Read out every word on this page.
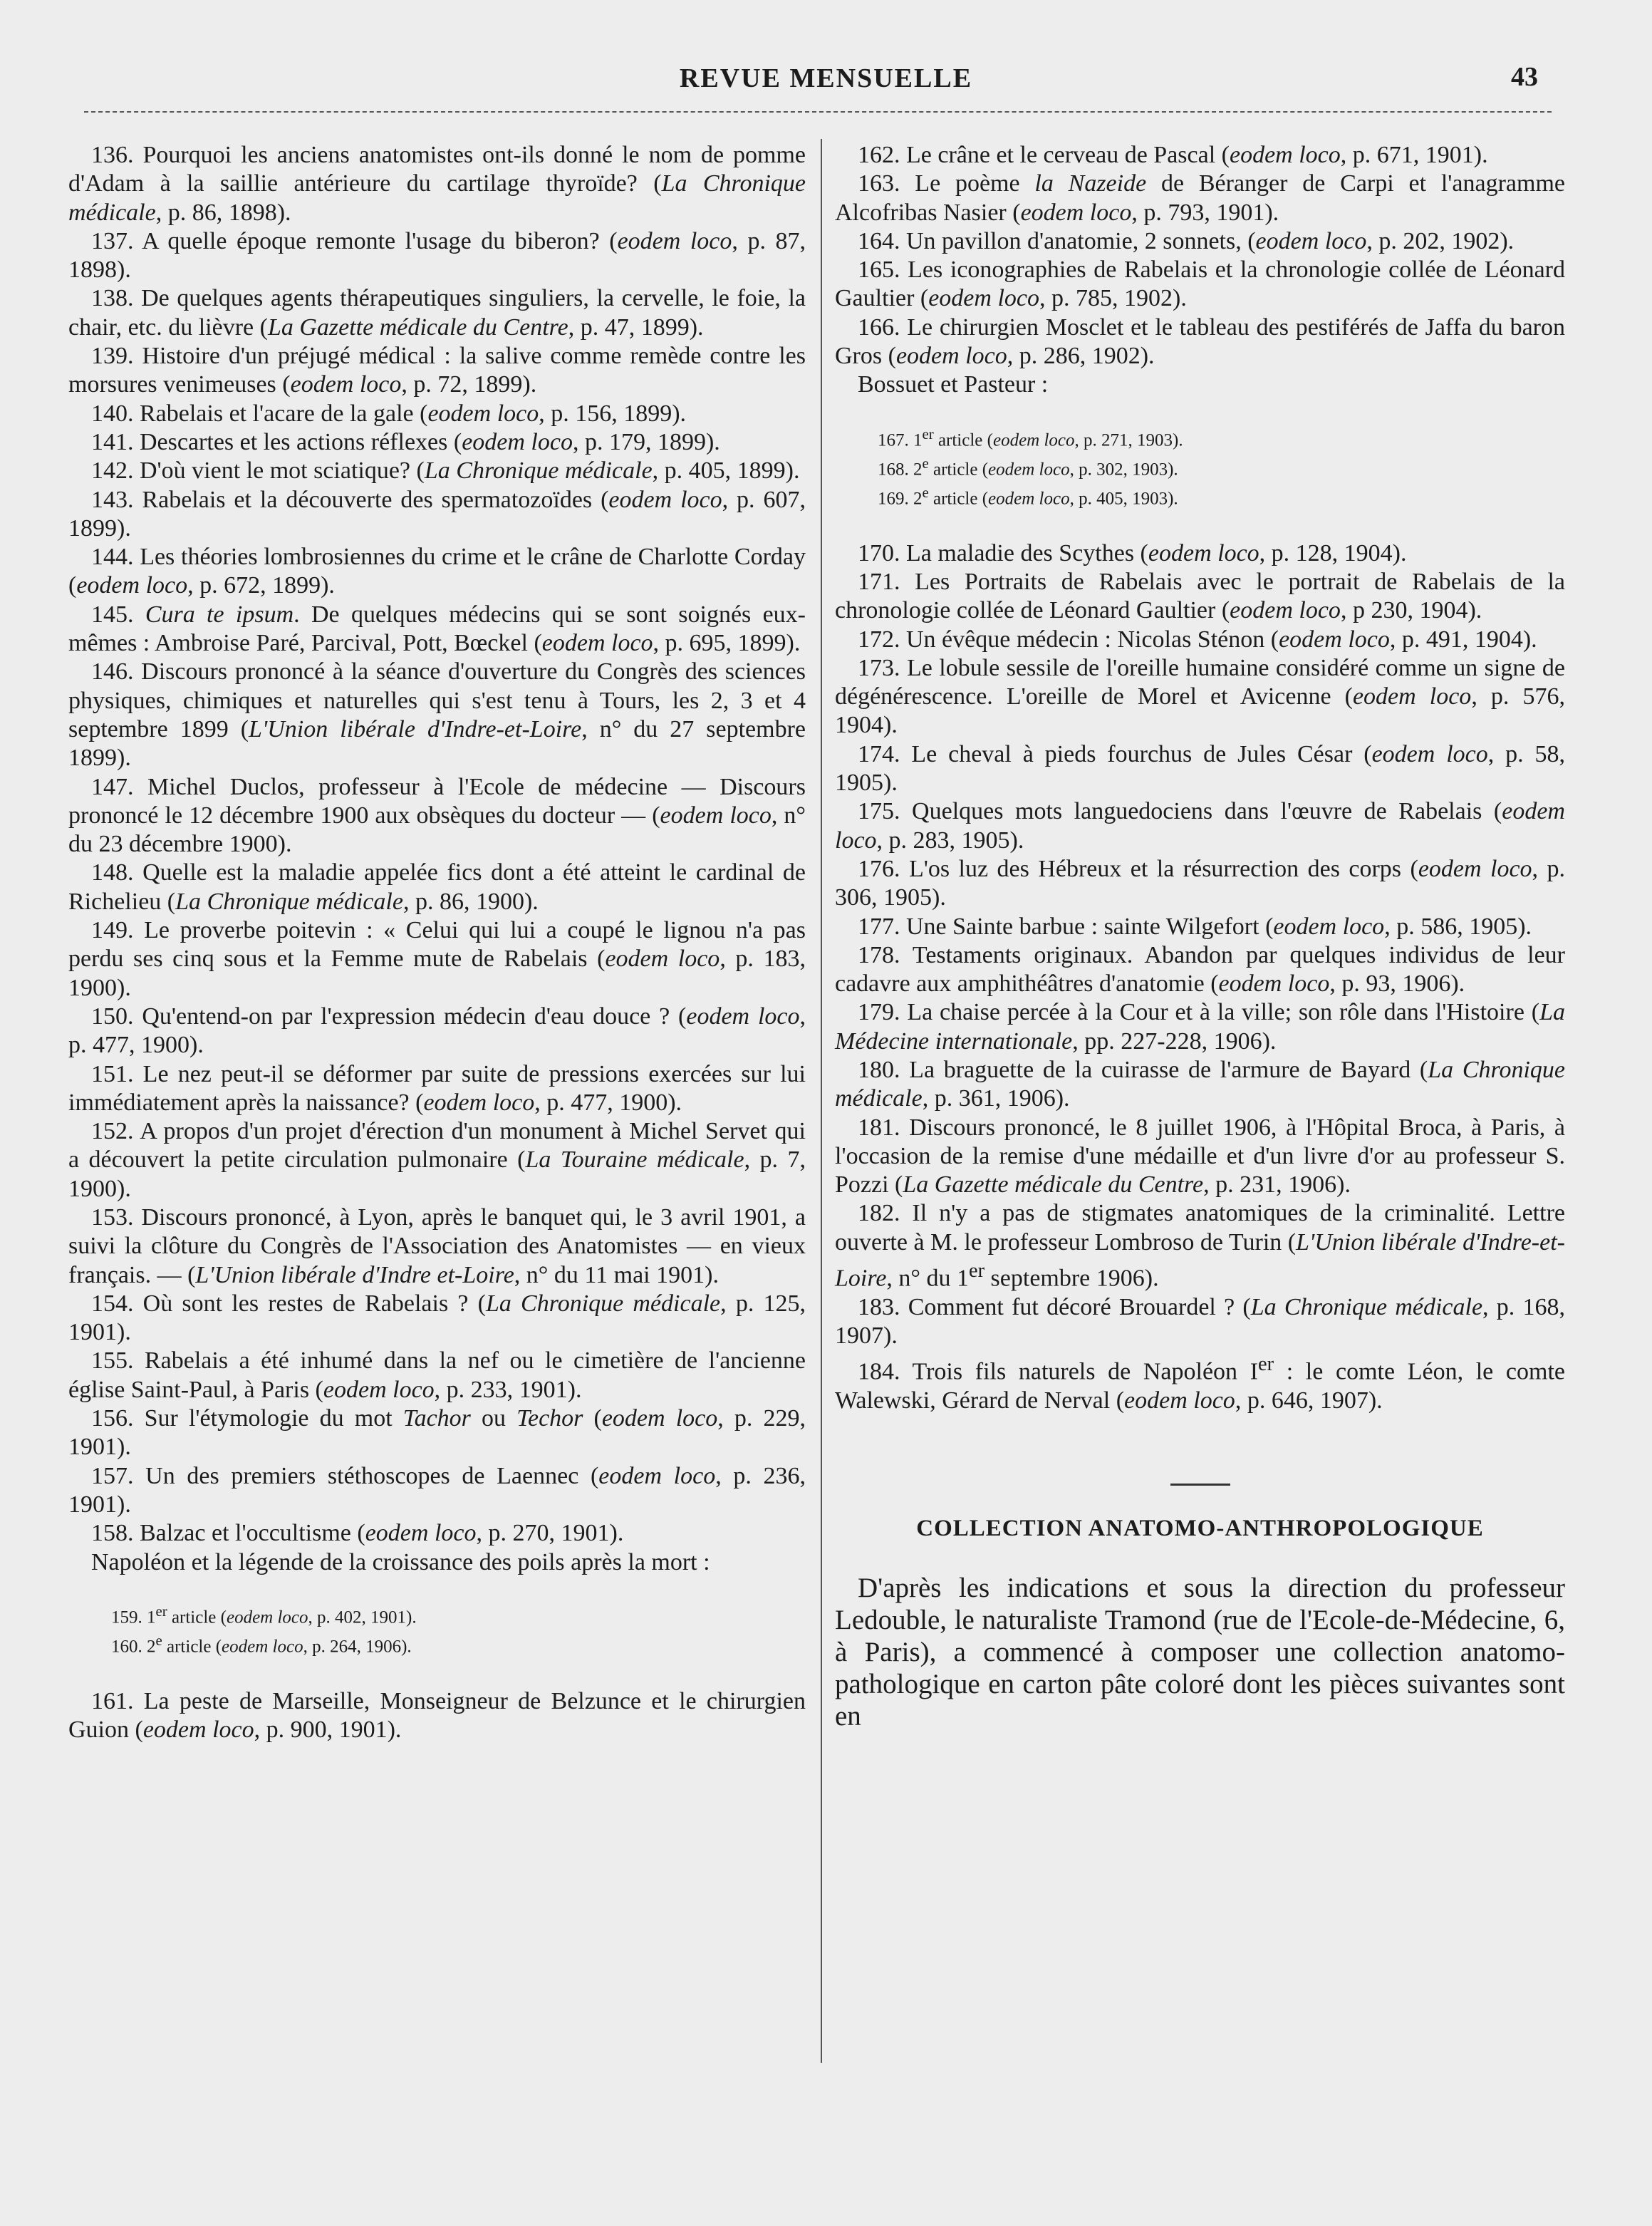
REVUE MENSUELLE	43

136. Pourquoi les anciens anatomistes ont-ils donné le nom de pomme d'Adam à la saillie antérieure du cartilage thyroïde? (La Chronique médicale, p. 86, 1898).

137. A quelle époque remonte l'usage du biberon? (eodem loco, p. 87, 1898).

138. De quelques agents thérapeutiques singuliers, la cervelle, le foie, la chair, etc. du lièvre (La Gazette médicale du Centre, p. 47, 1899).

139. Histoire d'un préjugé médical : la salive comme remède contre les morsures venimeuses (eodem loco, p. 72, 1899).

140. Rabelais et l'acare de la gale (eodem loco, p. 156, 1899).

141. Descartes et les actions réflexes (eodem loco, p. 179, 1899).

142. D'où vient le mot sciatique? (La Chronique médicale, p. 405, 1899).

143. Rabelais et la découverte des spermatozoïdes (eodem loco, p. 607, 1899).

144. Les théories lombrosiennes du crime et le crâne de Charlotte Corday (eodem loco, p. 672, 1899).

145. Cura te ipsum. De quelques médecins qui se sont soignés eux-mêmes : Ambroise Paré, Parcival, Pott, Bœckel (eodem loco, p. 695, 1899).

146. Discours prononcé à la séance d'ouverture du Congrès des sciences physiques, chimiques et naturelles qui s'est tenu à Tours, les 2, 3 et 4 septembre 1899 (L'Union libérale d'Indre-et-Loire, n° du 27 septembre 1899).

147. Michel Duclos, professeur à l'Ecole de médecine — Discours prononcé le 12 décembre 1900 aux obsèques du docteur — (eodem loco, n° du 23 décembre 1900).

148. Quelle est la maladie appelée fics dont a été atteint le cardinal de Richelieu (La Chronique médicale, p. 86, 1900).

149. Le proverbe poitevin : « Celui qui lui a coupé le lignou n'a pas perdu ses cinq sous et la Femme mute de Rabelais (eodem loco, p. 183, 1900).

150. Qu'entend-on par l'expression médecin d'eau douce ? (eodem loco, p. 477, 1900).

151. Le nez peut-il se déformer par suite de pressions exercées sur lui immédiatement après la naissance? (eodem loco, p. 477, 1900).

152. A propos d'un projet d'érection d'un monument à Michel Servet qui a découvert la petite circulation pulmonaire (La Touraine médicale, p. 7, 1900).

153. Discours prononcé, à Lyon, après le banquet qui, le 3 avril 1901, a suivi la clôture du Congrès de l'Association des Anatomistes — en vieux français. — (L'Union libérale d'Indre et-Loire, n° du 11 mai 1901).

154. Où sont les restes de Rabelais ? (La Chronique médicale, p. 125, 1901).

155. Rabelais a été inhumé dans la nef ou le cimetière de l'ancienne église Saint-Paul, à Paris (eodem loco, p. 233, 1901).

156. Sur l'étymologie du mot Tachor ou Techor (eodem loco, p. 229, 1901).

157. Un des premiers stéthoscopes de Laennec (eodem loco, p. 236, 1901).

158. Balzac et l'occultisme (eodem loco, p. 270, 1901).

Napoléon et la légende de la croissance des poils après la mort :

159. 1er article (eodem loco, p. 402, 1901).

160. 2e article (eodem loco, p. 264, 1906).

161. La peste de Marseille, Monseigneur de Belzunce et le chirurgien Guion (eodem loco, p. 900, 1901).

162. Le crâne et le cerveau de Pascal (eodem loco, p. 671, 1901).

163. Le poème la Nazeide de Béranger de Carpi et l'anagramme Alcofribas Nasier (eodem loco, p. 793, 1901).

164. Un pavillon d'anatomie, 2 sonnets, (eodem loco, p. 202, 1902).

165. Les iconographies de Rabelais et la chronologie collée de Léonard Gaultier (eodem loco, p. 785, 1902).

166. Le chirurgien Mosclet et le tableau des pestiférés de Jaffa du baron Gros (eodem loco, p. 286, 1902).

Bossuet et Pasteur :

167. 1er article (eodem loco, p. 271, 1903).

168. 2e article (eodem loco, p. 302, 1903).

169. 2e article (eodem loco, p. 405, 1903).

170. La maladie des Scythes (eodem loco, p. 128, 1904).

171. Les Portraits de Rabelais avec le portrait de Rabelais de la chronologie collée de Léonard Gaultier (eodem loco, p 230, 1904).

172. Un évêque médecin : Nicolas Sténon (eodem loco, p. 491, 1904).

173. Le lobule sessile de l'oreille humaine considéré comme un signe de dégénérescence. L'oreille de Morel et Avicenne (eodem loco, p. 576, 1904).

174. Le cheval à pieds fourchus de Jules César (eodem loco, p. 58, 1905).

175. Quelques mots languedociens dans l'œuvre de Rabelais (eodem loco, p. 283, 1905).

176. L'os luz des Hébreux et la résurrection des corps (eodem loco, p. 306, 1905).

177. Une Sainte barbue : sainte Wilgefort (eodem loco, p. 586, 1905).

178. Testaments originaux. Abandon par quelques individus de leur cadavre aux amphithéâtres d'anatomie (eodem loco, p. 93, 1906).

179. La chaise percée à la Cour et à la ville; son rôle dans l'Histoire (La Médecine internationale, pp. 227-228, 1906).

180. La braguette de la cuirasse de l'armure de Bayard (La Chronique médicale, p. 361, 1906).

181. Discours prononcé, le 8 juillet 1906, à l'Hôpital Broca, à Paris, à l'occasion de la remise d'une médaille et d'un livre d'or au professeur S. Pozzi (La Gazette médicale du Centre, p. 231, 1906).

182. Il n'y a pas de stigmates anatomiques de la criminalité. Lettre ouverte à M. le professeur Lombroso de Turin (L'Union libérale d'Indre-et-Loire, n° du 1er septembre 1906).

183. Comment fut décoré Brouardel ? (La Chronique médicale, p. 168, 1907).

184. Trois fils naturels de Napoléon Ier : le comte Léon, le comte Walewski, Gérard de Nerval (eodem loco, p. 646, 1907).

COLLECTION ANATOMO-ANTHROPOLOGIQUE

D'après les indications et sous la direction du professeur Ledouble, le naturaliste Tramond (rue de l'Ecole-de-Médecine, 6, à Paris), a commencé à composer une collection anatomo-pathologique en carton pâte coloré dont les pièces suivantes sont en
